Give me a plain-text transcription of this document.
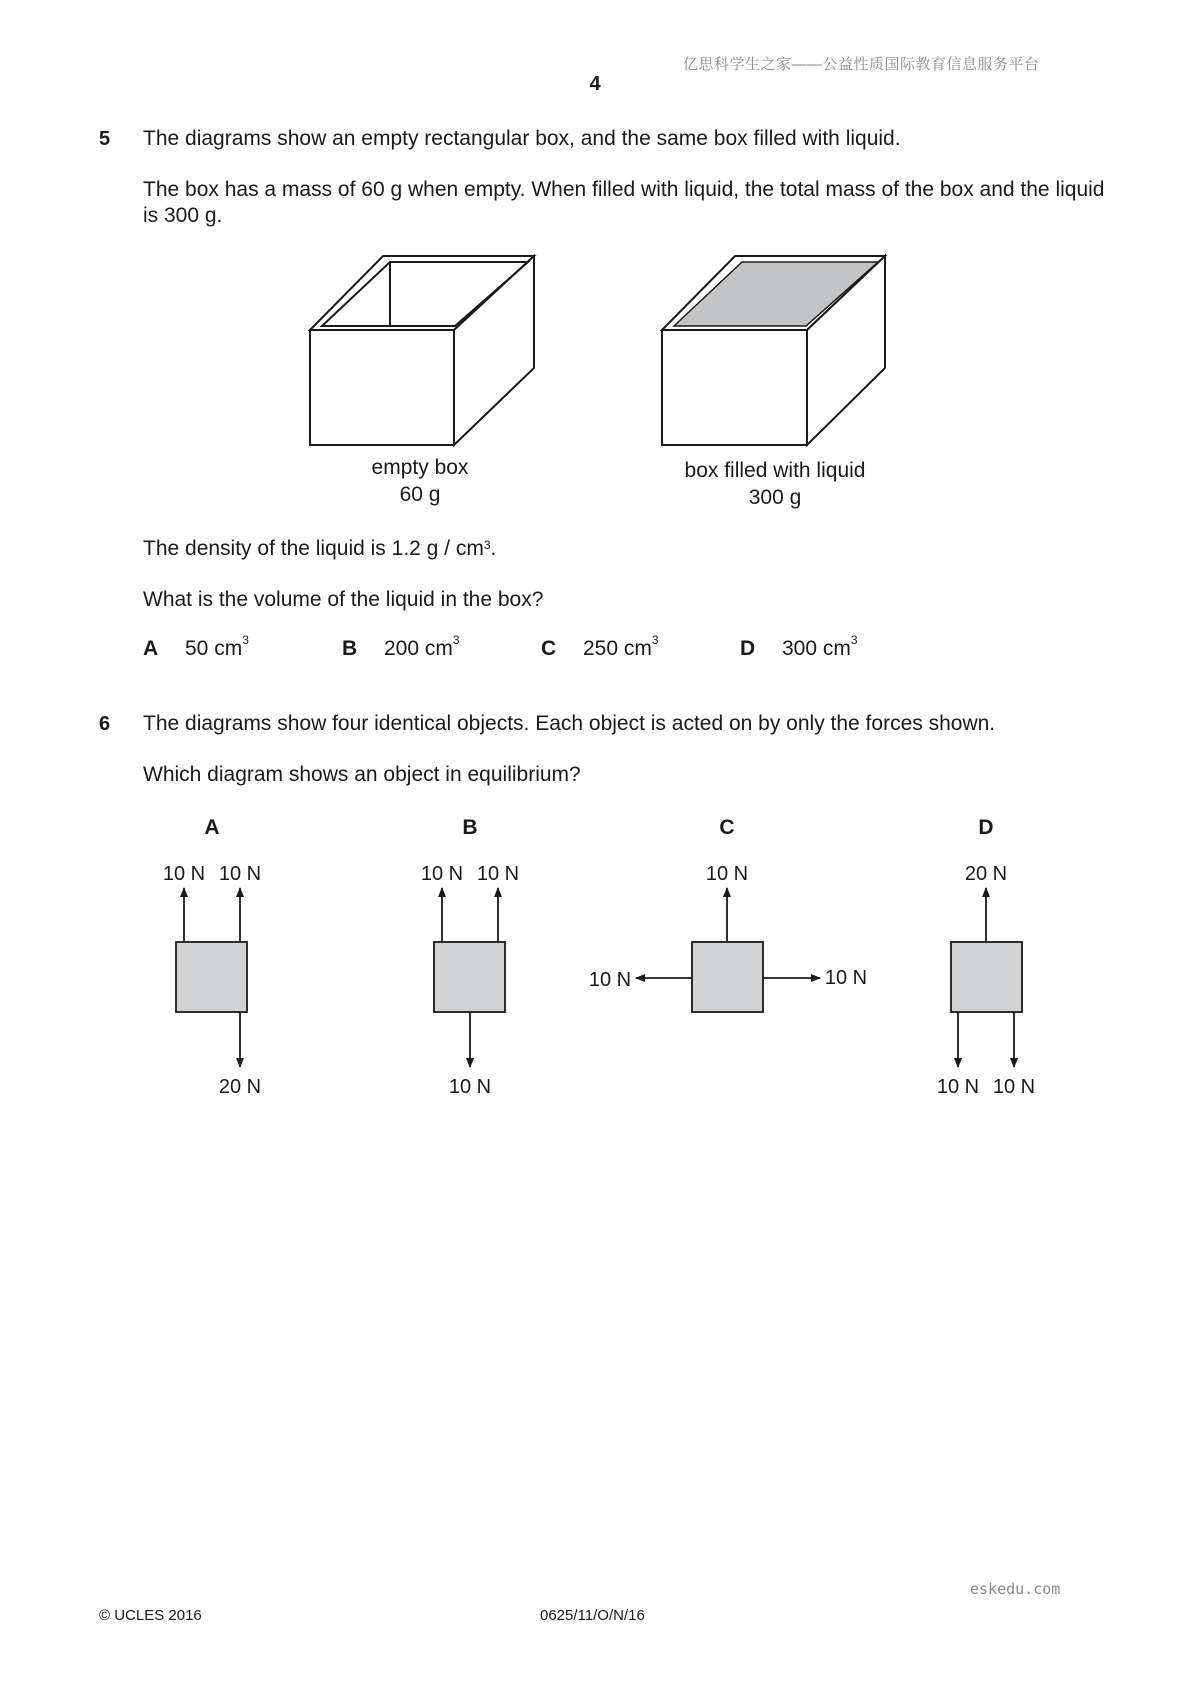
亿思科学生之家——公益性质国际教育信息服务平台
4
5 The diagrams show an empty rectangular box, and the same box filled with liquid.
The box has a mass of 60 g when empty. When filled with liquid, the total mass of the box and the liquid is 300 g.
empty box
60 g
box filled with liquid
300 g
The density of the liquid is 1.2 g / $cm^3$.
What is the volume of the liquid in the box?
A 50 $cm^3$	B 200 $cm^3$	C 250 $cm^3$	D 300 $cm^3$
6 The diagrams show four identical objects. Each object is acted on by only the forces shown.
Which diagram shows an object in equilibrium?
A
10 N 10 N
20 N
B
10 N 10 N
10 N
C
10 N
10 N	10 N
D
20 N
10 N 10 N
eskedu.com
© UCLES 2016	0625/11/O/N/16
